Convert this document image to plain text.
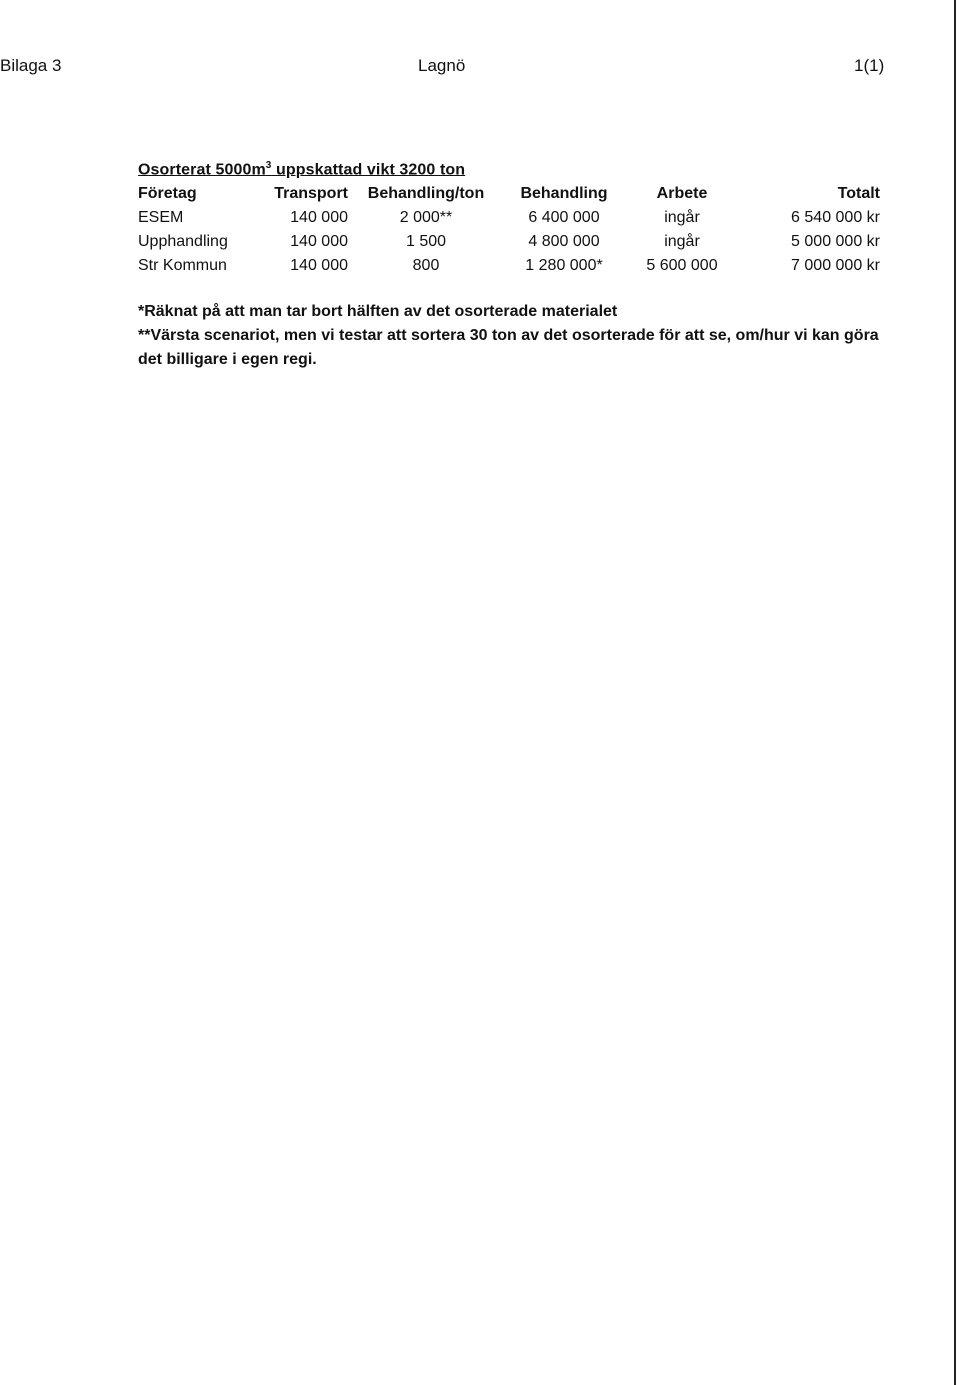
Bilaga 3	Lagnö	1(1)
Osorterat $5000m^3$ uppskattad vikt 3200 ton
Företag	Transport	Behandling/ton	Behandling	Arbete	Totalt
ESEM	140 000	2 000**	6 400 000	ingår	6 540 000 kr
Upphandling	140 000	1 500	4 800 000	ingår	5 000 000 kr
Str Kommun	140 000	800	1 280 000*	5 600 000	7 000 000 kr

*Räknat på att man tar bort hälften av det osorterade materialet

**Värsta scenariot, men vi testar att sortera 30 ton av det osorterade för att se, om/hur vi kan göra det billigare i egen regi.
